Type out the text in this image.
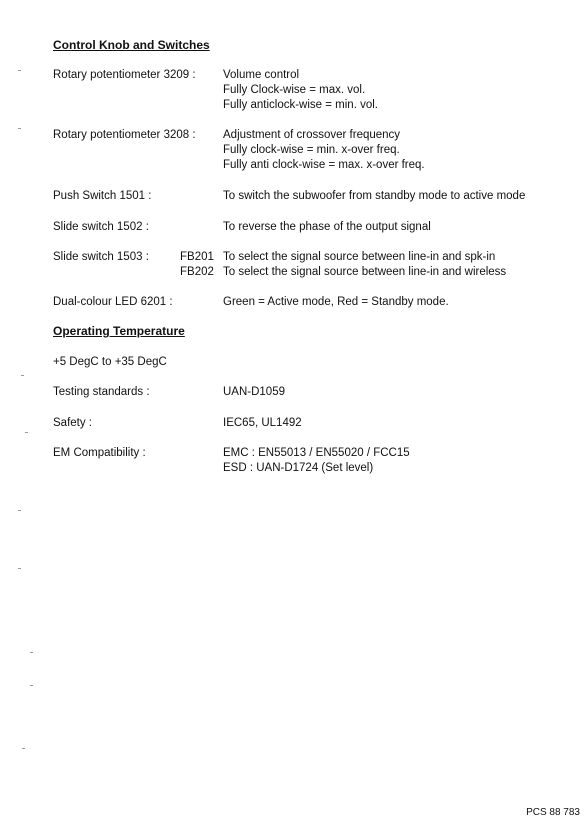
Control Knob and Switches
Rotary potentiometer 3209 : Volume control
Fully Clock-wise = max. vol.
Fully anticlock-wise = min. vol.
Rotary potentiometer 3208 : Adjustment of crossover frequency
Fully clock-wise = min. x-over freq.
Fully anti clock-wise = max. x-over freq.
Push Switch 1501 :	To switch the subwoofer from standby mode to active mode
Slide switch 1502 :	To reverse the phase of the output signal
Slide switch 1503 :	FB201 To select the signal source between line-in and spk-in
FB202 To select the signal source between line-in and wireless
Dual-colour LED 6201 :	Green = Active mode, Red = Standby mode.
Operating Temperature
+5 DegC to +35 DegC
Testing standards :	UAN-D1059
Safety :	IEC65, UL1492
EM Compatibility :	EMC : EN55013 / EN55020 / FCC15
ESD : UAN-D1724 (Set level)
PCS 88 783
